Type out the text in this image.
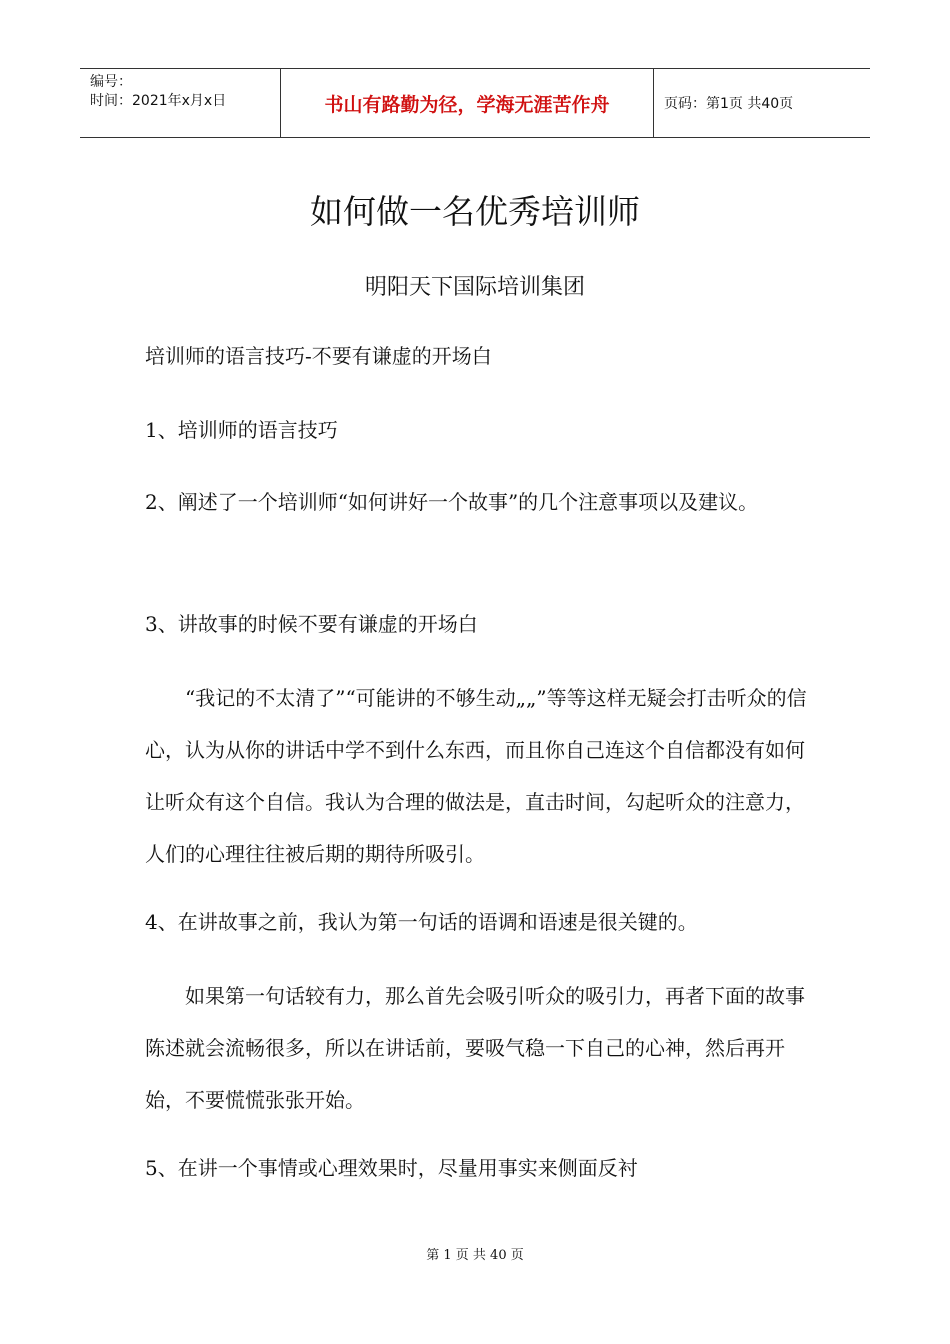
编号：
时间：2021年x月x日	书山有路勤为径，学海无涯苦作舟	页码：第1页 共40页
如何做一名优秀培训师
明阳天下国际培训集团
培训师的语言技巧-不要有谦虚的开场白
1、培训师的语言技巧
2、阐述了一个培训师“如何讲好一个故事”的几个注意事项以及建议。
3、讲故事的时候不要有谦虚的开场白
“我记的不太清了”“可能讲的不够生动„„”等等这样无疑会打击听众的信心，认为从你的讲话中学不到什么东西，而且你自己连这个自信都没有如何让听众有这个自信。我认为合理的做法是，直击时间，勾起听众的注意力，人们的心理往往被后期的期待所吸引。
4、在讲故事之前，我认为第一句话的语调和语速是很关键的。
如果第一句话较有力，那么首先会吸引听众的吸引力，再者下面的故事陈述就会流畅很多，所以在讲话前，要吸气稳一下自己的心神，然后再开始，不要慌慌张张开始。
5、在讲一个事情或心理效果时，尽量用事实来侧面反衬
第 1 页 共 40 页
